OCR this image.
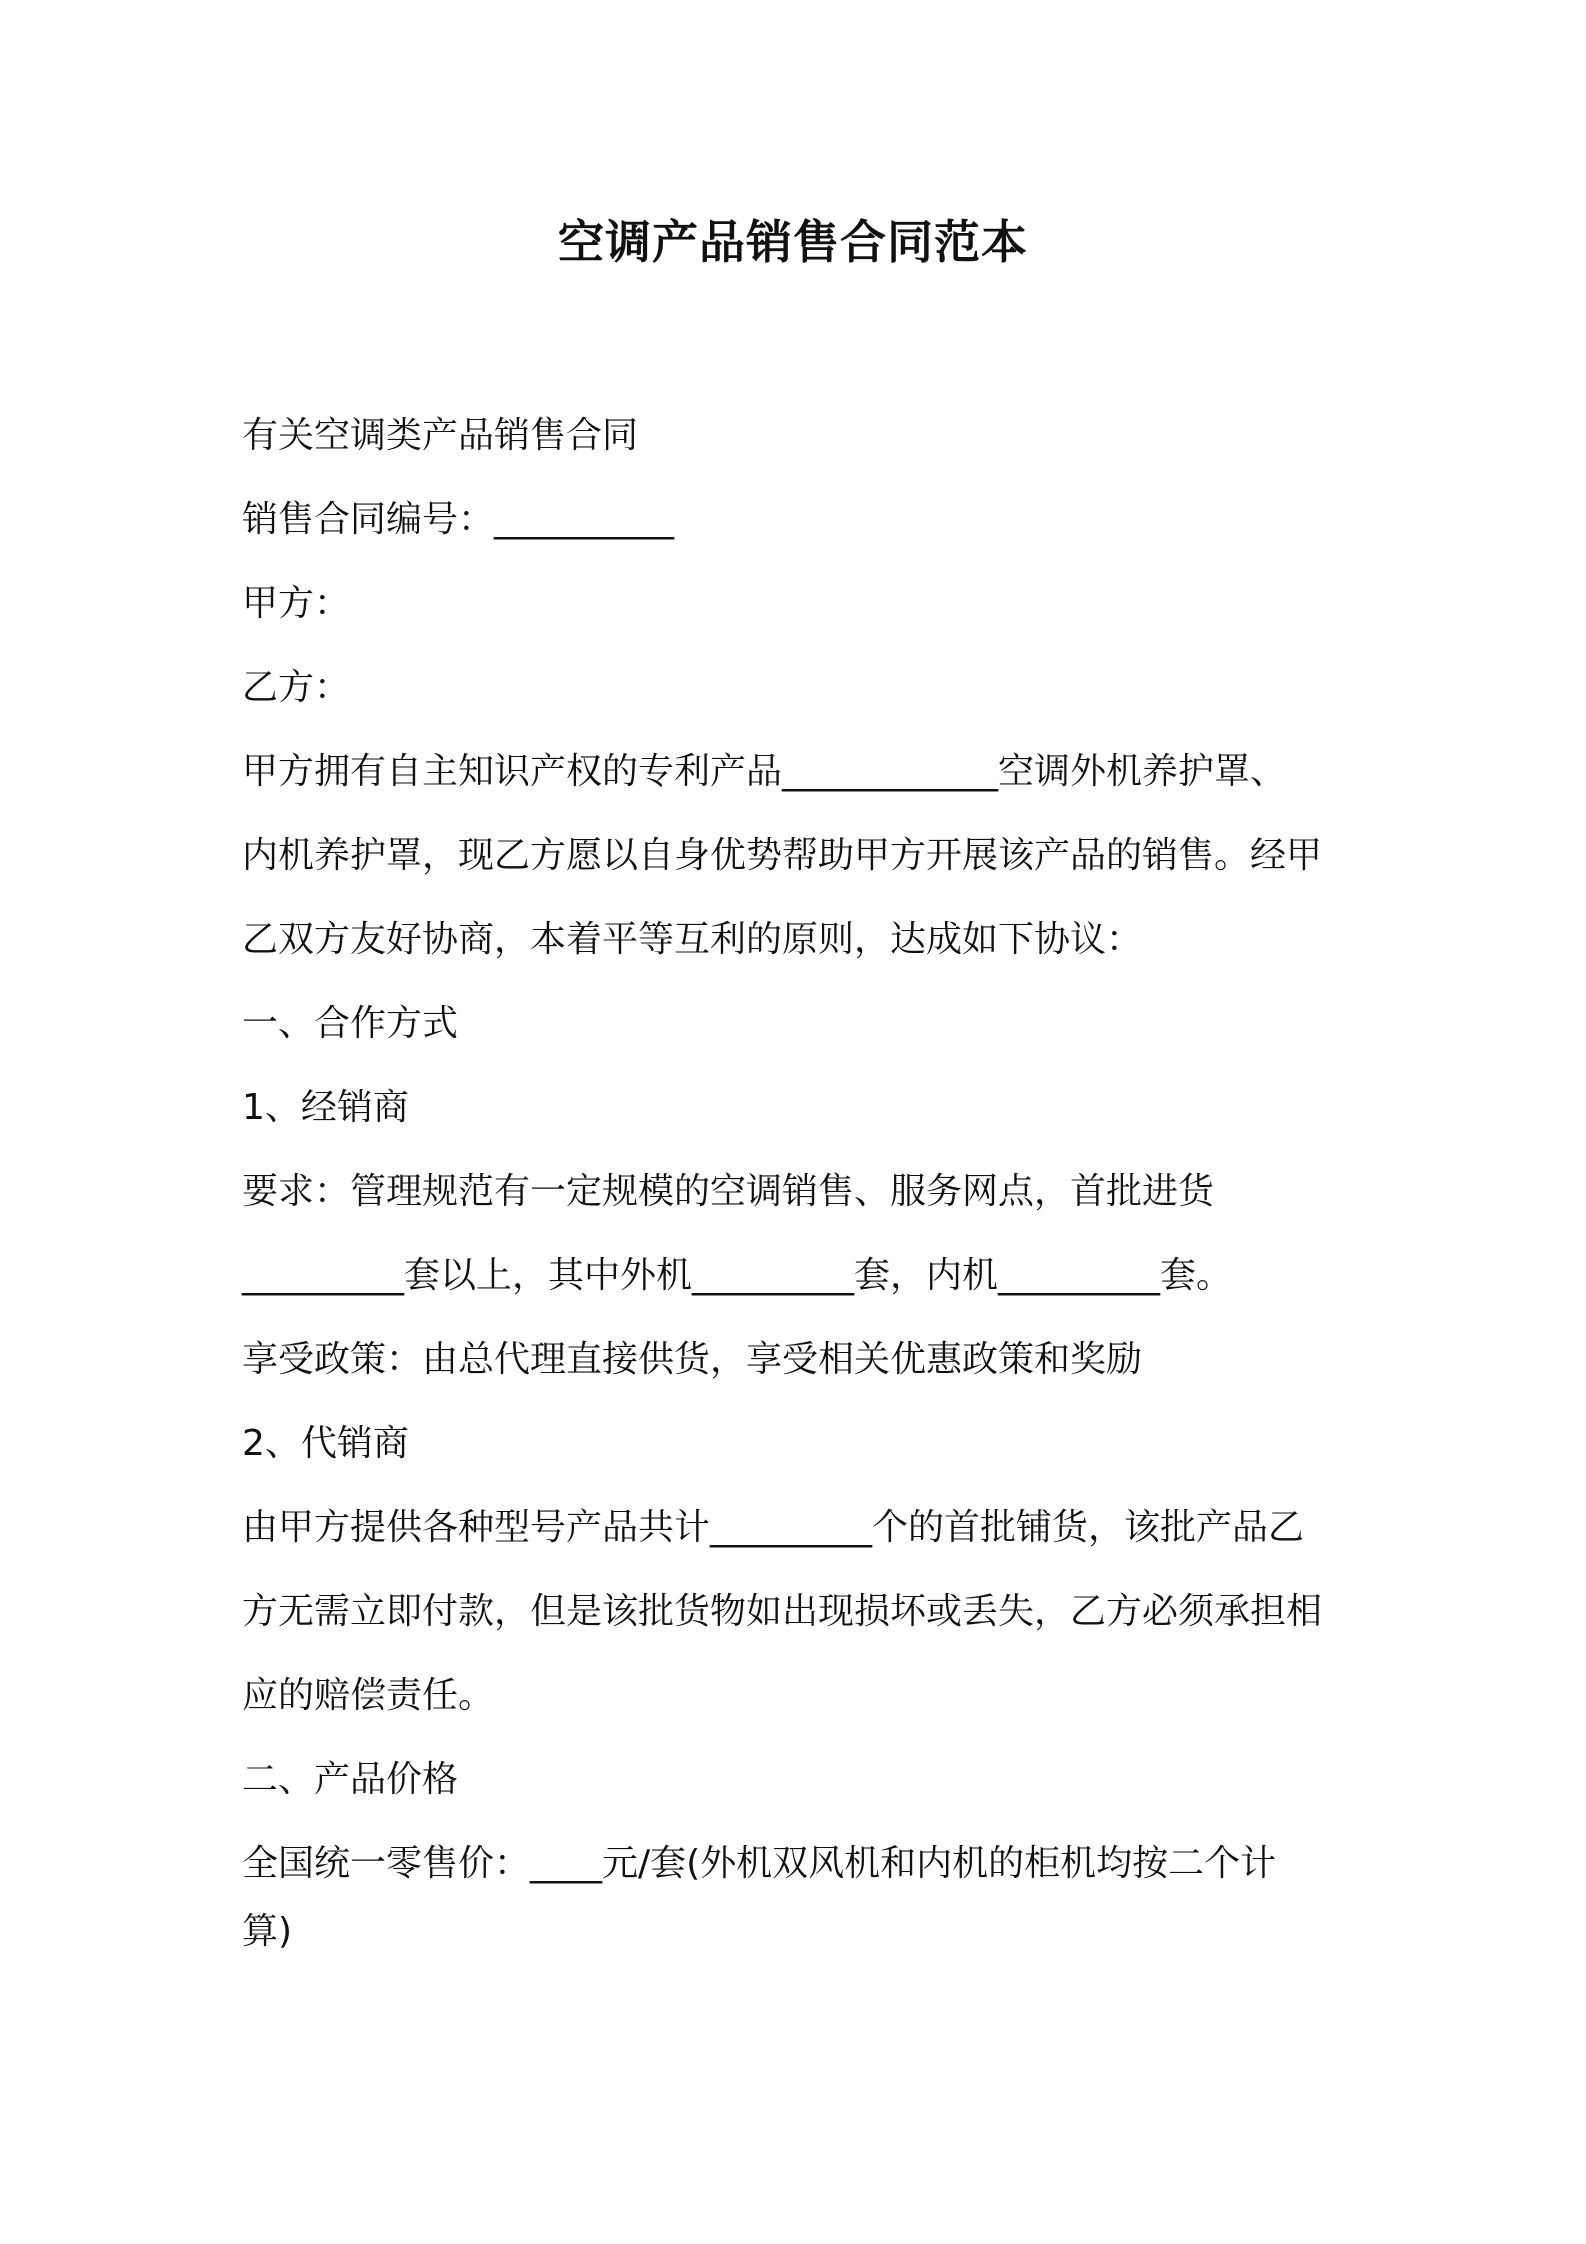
空调产品销售合同范本

有关空调类产品销售合同

销售合同编号：__________

甲方：

乙方：

甲方拥有自主知识产权的专利产品____________空调外机养护罩、

内机养护罩，现乙方愿以自身优势帮助甲方开展该产品的销售。经甲

乙双方友好协商，本着平等互利的原则，达成如下协议：

一、合作方式

1、经销商

要求：管理规范有一定规模的空调销售、服务网点，首批进货

_________套以上，其中外机_________套，内机_________套。

享受政策：由总代理直接供货，享受相关优惠政策和奖励

2、代销商

由甲方提供各种型号产品共计_________个的首批铺货，该批产品乙

方无需立即付款，但是该批货物如出现损坏或丢失，乙方必须承担相

应的赔偿责任。

二、产品价格

全国统一零售价：____元/套(外机双风机和内机的柜机均按二个计

算)
